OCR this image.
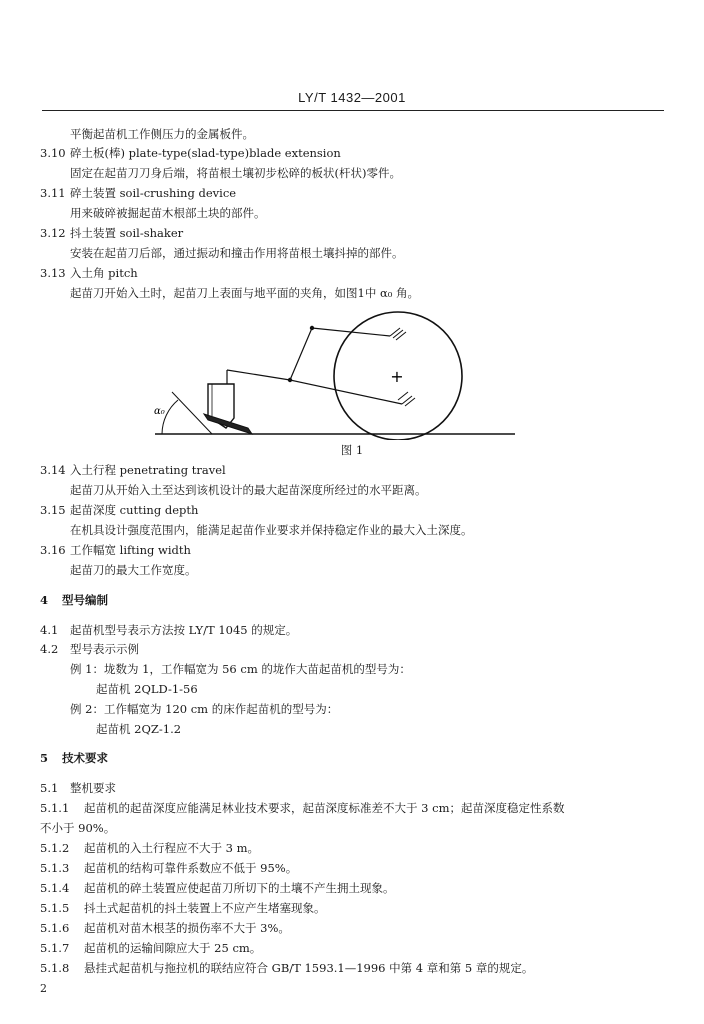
LY/T 1432—2001
平衡起苗机工作侧压力的金属板件。
3.10 碎土板(棒) plate-type(slad-type)blade extension
固定在起苗刀刀身后端，将苗根土壤初步松碎的板状(杆状)零件。
3.11 碎土装置 soil-crushing device
用来破碎被掘起苗木根部土块的部件。
3.12 抖土装置 soil-shaker
安装在起苗刀后部，通过振动和撞击作用将苗根土壤抖掉的部件。
3.13 入土角 pitch
起苗刀开始入土时，起苗刀上表面与地平面的夹角，如图1中 α₀ 角。
+
α₀
图 1
3.14 入土行程 penetrating travel
起苗刀从开始入土至达到该机设计的最大起苗深度所经过的水平距离。
3.15 起苗深度 cutting depth
在机具设计强度范围内，能满足起苗作业要求并保持稳定作业的最大入土深度。
3.16 工作幅宽 lifting width
起苗刀的最大工作宽度。
4 型号编制
4.1 起苗机型号表示方法按 LY/T 1045 的规定。
4.2 型号表示示例
例 1：垅数为 1，工作幅宽为 56 cm 的垅作大苗起苗机的型号为：
起苗机 2QLD-1-56
例 2：工作幅宽为 120 cm 的床作起苗机的型号为：
起苗机 2QZ-1.2
5 技术要求
5.1 整机要求
5.1.1 起苗机的起苗深度应能满足林业技术要求，起苗深度标准差不大于 3 cm；起苗深度稳定性系数
不小于 90%。
5.1.2 起苗机的入土行程应不大于 3 m。
5.1.3 起苗机的结构可靠件系数应不低于 95%。
5.1.4 起苗机的碎土装置应使起苗刀所切下的土壤不产生拥土现象。
5.1.5 抖土式起苗机的抖土装置上不应产生堵塞现象。
5.1.6 起苗机对苗木根茎的损伤率不大于 3%。
5.1.7 起苗机的运输间隙应大于 25 cm。
5.1.8 悬挂式起苗机与拖拉机的联结应符合 GB/T 1593.1—1996 中第 4 章和第 5 章的规定。
2
